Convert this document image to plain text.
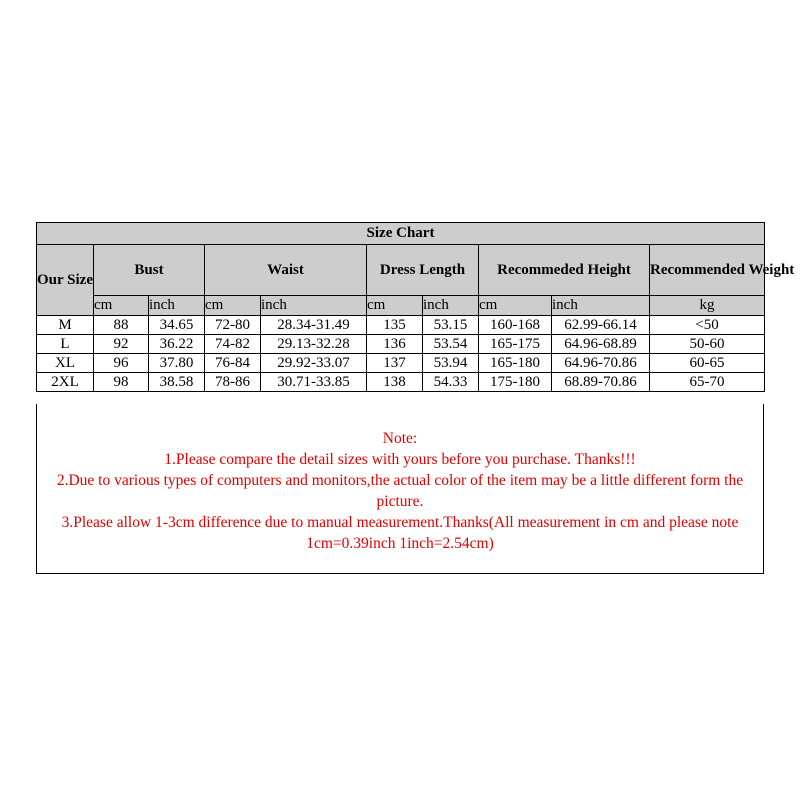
Size Chart									
Our Size	Bust		Waist		Dress Length		Recommeded Height		Recommended Weight
	cm	inch	cm	inch	cm	inch	cm	inch	kg
M	88	34.65	72-80	28.34-31.49	135	53.15	160-168	62.99-66.14	<50
L	92	36.22	74-82	29.13-32.28	136	53.54	165-175	64.96-68.89	50-60
XL	96	37.80	76-84	29.92-33.07	137	53.94	165-180	64.96-70.86	60-65
2XL	98	38.58	78-86	30.71-33.85	138	54.33	175-180	68.89-70.86	65-70
Note:
1.Please compare the detail sizes with yours before you purchase. Thanks!!!
2.Due to various types of computers and monitors,the actual color of the item may be a little different form the picture.
3.Please allow 1-3cm difference due to manual measurement.Thanks(All measurement in cm and please note 1cm=0.39inch 1inch=2.54cm)
